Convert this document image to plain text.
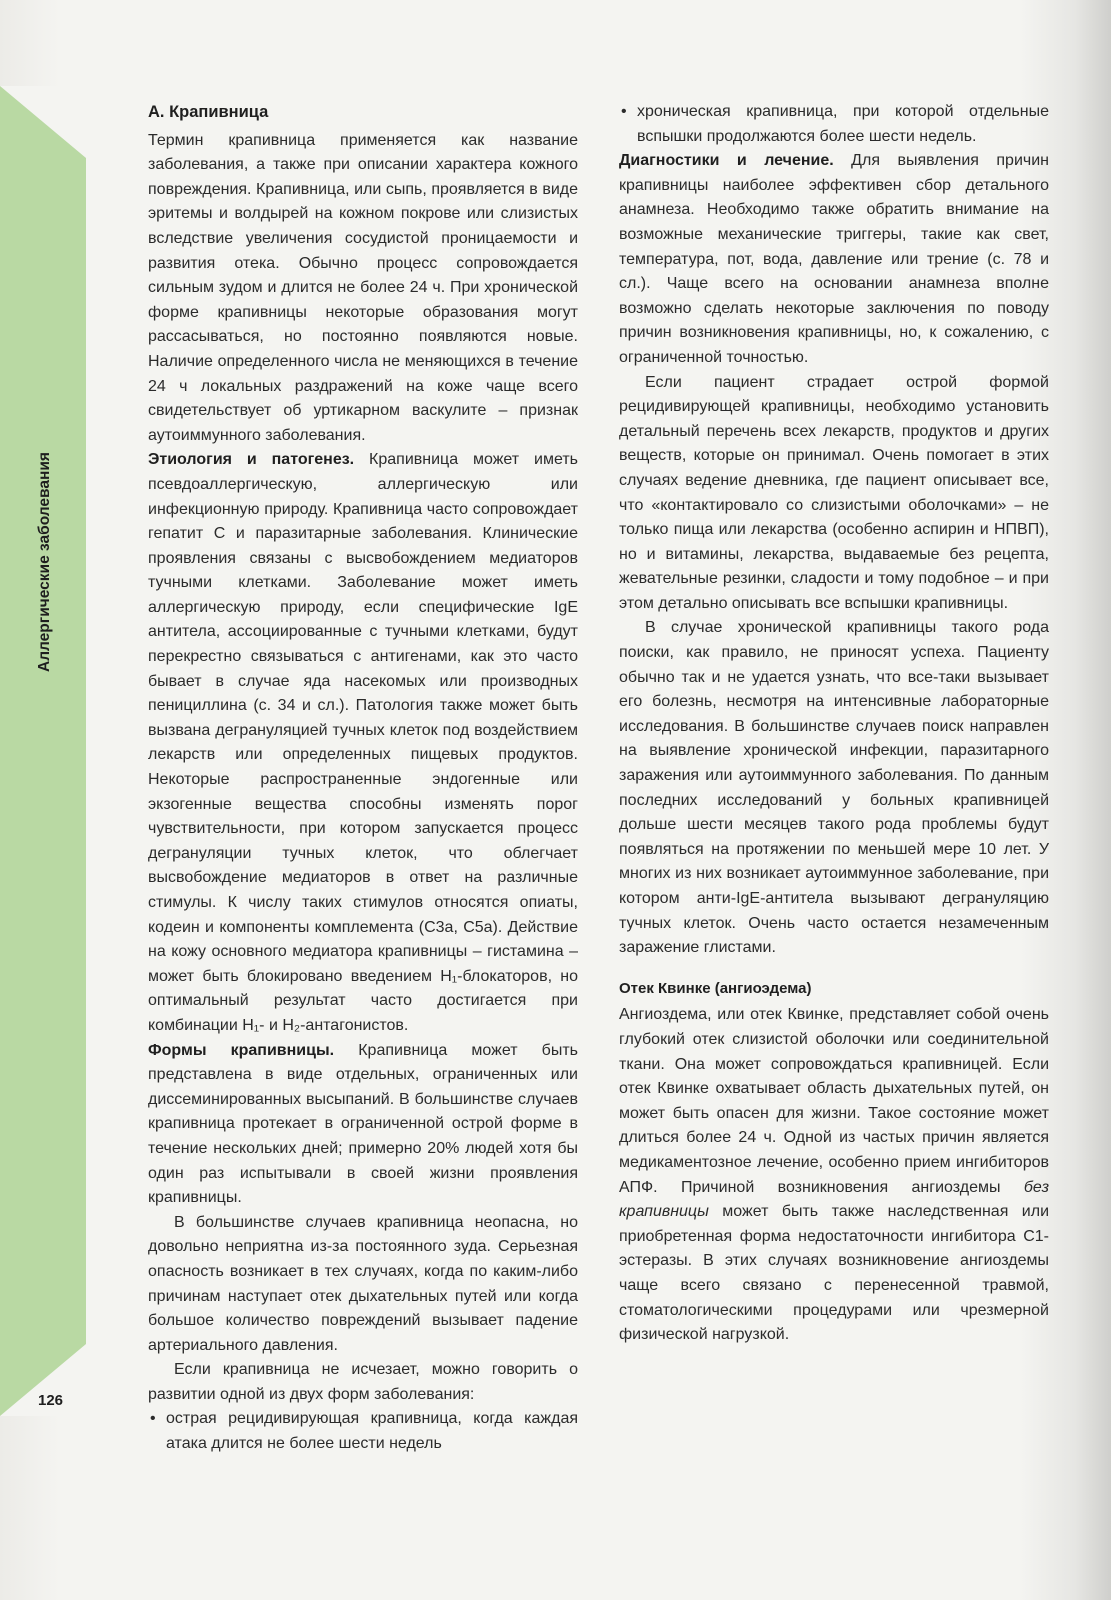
Аллергические заболевания
126
А. Крапивница

Термин крапивница применяется как название заболевания, а также при описании характера кожного повреждения. Крапивница, или сыпь, проявляется в виде эритемы и волдырей на кожном покрове или слизистых вследствие увеличения сосудистой проницаемости и развития отека. Обычно процесс сопровождается сильным зудом и длится не более 24 ч. При хронической форме крапивницы некоторые образования могут рассасываться, но постоянно появляются новые. Наличие определенного числа не меняющихся в течение 24 ч локальных раздражений на коже чаще всего свидетельствует об уртикарном васкулите – признак аутоиммунного заболевания.

Этиология и патогенез. Крапивница может иметь псевдоаллергическую, аллергическую или инфекционную природу. Крапивница часто сопровождает гепатит С и паразитарные заболевания. Клинические проявления связаны с высвобождением медиаторов тучными клетками. Заболевание может иметь аллергическую природу, если специфические IgE антитела, ассоциированные с тучными клетками, будут перекрестно связываться с антигенами, как это часто бывает в случае яда насекомых или производных пенициллина (с. 34 и сл.). Патология также может быть вызвана дегрануляцией тучных клеток под воздействием лекарств или определенных пищевых продуктов. Некоторые распространенные эндогенные или экзогенные вещества способны изменять порог чувствительности, при котором запускается процесс дегрануляции тучных клеток, что облегчает высвобождение медиаторов в ответ на различные стимулы. К числу таких стимулов относятся опиаты, кодеин и компоненты комплемента (С3а, С5а). Действие на кожу основного медиатора крапивницы – гистамина – может быть блокировано введением H₁-блокаторов, но оптимальный результат часто достигается при комбинации H₁- и H₂-антагонистов.

Формы крапивницы. Крапивница может быть представлена в виде отдельных, ограниченных или диссеминированных высыпаний. В большинстве случаев крапивница протекает в ограниченной острой форме в течение нескольких дней; примерно 20% людей хотя бы один раз испытывали в своей жизни проявления крапивницы.

В большинстве случаев крапивница неопасна, но довольно неприятна из-за постоянного зуда. Серьезная опасность возникает в тех случаях, когда по каким-либо причинам наступает отек дыхательных путей или когда большое количество повреждений вызывает падение артериального давления.

Если крапивница не исчезает, можно говорить о развитии одной из двух форм заболевания:

• острая рецидивирующая крапивница, когда каждая атака длится не более шести недель
• хроническая крапивница, при которой отдельные вспышки продолжаются более шести недель.

Диагностики и лечение. Для выявления причин крапивницы наиболее эффективен сбор детального анамнеза. Необходимо также обратить внимание на возможные механические триггеры, такие как свет, температура, пот, вода, давление или трение (с. 78 и сл.). Чаще всего на основании анамнеза вполне возможно сделать некоторые заключения по поводу причин возникновения крапивницы, но, к сожалению, с ограниченной точностью.

Если пациент страдает острой формой рецидивирующей крапивницы, необходимо установить детальный перечень всех лекарств, продуктов и других веществ, которые он принимал. Очень помогает в этих случаях ведение дневника, где пациент описывает все, что «контактировало со слизистыми оболочками» – не только пища или лекарства (особенно аспирин и НПВП), но и витамины, лекарства, выдаваемые без рецепта, жевательные резинки, сладости и тому подобное – и при этом детально описывать все вспышки крапивницы.

В случае хронической крапивницы такого рода поиски, как правило, не приносят успеха. Пациенту обычно так и не удается узнать, что все-таки вызывает его болезнь, несмотря на интенсивные лабораторные исследования. В большинстве случаев поиск направлен на выявление хронической инфекции, паразитарного заражения или аутоиммунного заболевания. По данным последних исследований у больных крапивницей дольше шести месяцев такого рода проблемы будут появляться на протяжении по меньшей мере 10 лет. У многих из них возникает аутоиммунное заболевание, при котором анти-IgE-антитела вызывают дегрануляцию тучных клеток. Очень часто остается незамеченным заражение глистами.

Отек Квинке (ангиоэдема)

Ангиоздема, или отек Квинке, представляет собой очень глубокий отек слизистой оболочки или соединительной ткани. Она может сопровождаться крапивницей. Если отек Квинке охватывает область дыхательных путей, он может быть опасен для жизни. Такое состояние может длиться более 24 ч. Одной из частых причин является медикаментозное лечение, особенно прием ингибиторов АПФ. Причиной возникновения ангиоздемы без крапивницы может быть также наследственная или приобретенная форма недостаточности ингибитора С1-эстеразы. В этих случаях возникновение ангиоздемы чаще всего связано с перенесенной травмой, стоматологическими процедурами или чрезмерной физической нагрузкой.
